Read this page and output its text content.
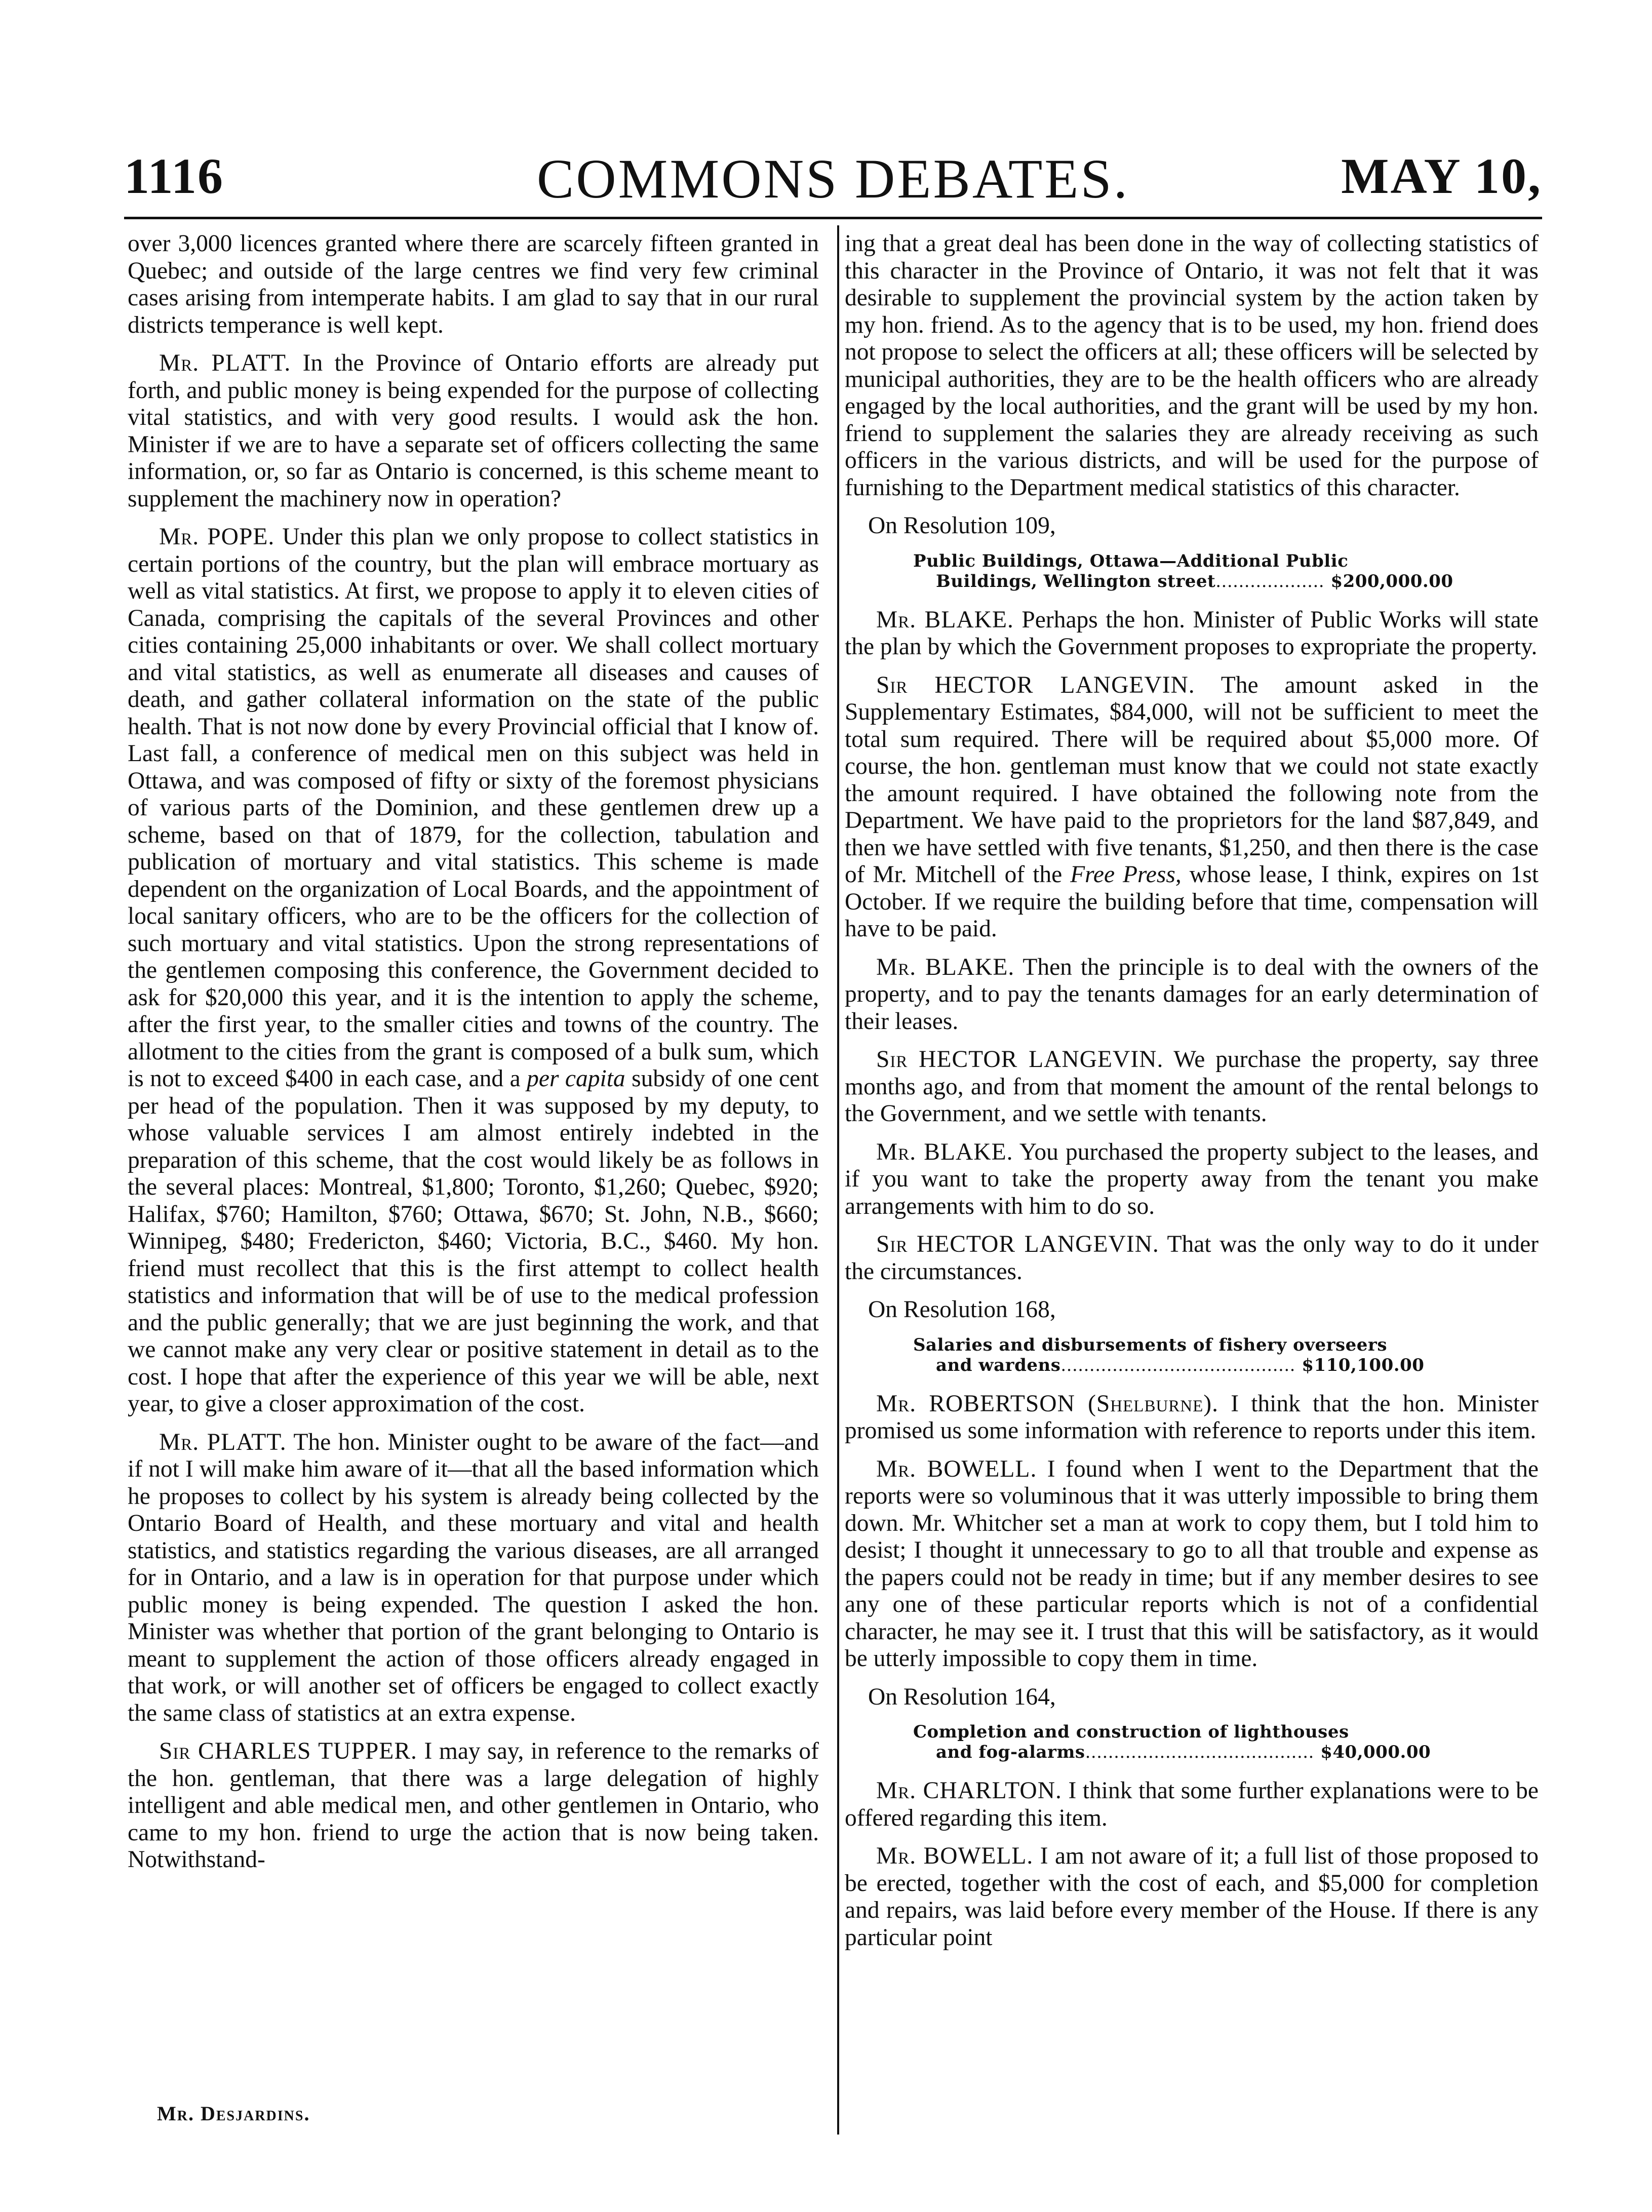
1116	COMMONS DEBATES.	MAY 10,

over 3,000 licences granted where there are scarcely fifteen granted in Quebec; and outside of the large centres we find very few criminal cases arising from intemperate habits. I am glad to say that in our rural districts temperance is well kept.

Mr. PLATT. In the Province of Ontario efforts are already put forth, and public money is being expended for the purpose of collecting vital statistics, and with very good results. I would ask the hon. Minister if we are to have a separate set of officers collecting the same information, or, so far as Ontario is concerned, is this scheme meant to supplement the machinery now in operation?

Mr. POPE. Under this plan we only propose to collect statistics in certain portions of the country, but the plan will embrace mortuary as well as vital statistics. At first, we propose to apply it to eleven cities of Canada, comprising the capitals of the several Provinces and other cities containing 25,000 inhabitants or over. We shall collect mortuary and vital statistics, as well as enumerate all diseases and causes of death, and gather collateral information on the state of the public health. That is not now done by every Provincial official that I know of. Last fall, a conference of medical men on this subject was held in Ottawa, and was composed of fifty or sixty of the foremost physicians of various parts of the Dominion, and these gentlemen drew up a scheme, based on that of 1879, for the collection, tabulation and publication of mortuary and vital statistics. This scheme is made dependent on the organization of Local Boards, and the appointment of local sanitary officers, who are to be the officers for the collection of such mortuary and vital statistics. Upon the strong representations of the gentlemen composing this conference, the Government decided to ask for $20,000 this year, and it is the intention to apply the scheme, after the first year, to the smaller cities and towns of the country. The allotment to the cities from the grant is composed of a bulk sum, which is not to exceed $400 in each case, and a per capita subsidy of one cent per head of the population. Then it was supposed by my deputy, to whose valuable services I am almost entirely indebted in the preparation of this scheme, that the cost would likely be as follows in the several places: Montreal, $1,800; Toronto, $1,260; Quebec, $920; Halifax, $760; Hamilton, $760; Ottawa, $670; St. John, N.B., $660; Winnipeg, $480; Fredericton, $460; Victoria, B.C., $460. My hon. friend must recollect that this is the first attempt to collect health statistics and information that will be of use to the medical profession and the public generally; that we are just beginning the work, and that we cannot make any very clear or positive statement in detail as to the cost. I hope that after the experience of this year we will be able, next year, to give a closer approximation of the cost.

Mr. PLATT. The hon. Minister ought to be aware of the fact—and if not I will make him aware of it—that all the based information which he proposes to collect by his system is already being collected by the Ontario Board of Health, and these mortuary and vital and health statistics, and statistics regarding the various diseases, are all arranged for in Ontario, and a law is in operation for that purpose under which public money is being expended. The question I asked the hon. Minister was whether that portion of the grant belonging to Ontario is meant to supplement the action of those officers already engaged in that work, or will another set of officers be engaged to collect exactly the same class of statistics at an extra expense.

Sir CHARLES TUPPER. I may say, in reference to the remarks of the hon. gentleman, that there was a large delegation of highly intelligent and able medical men, and other gentlemen in Ontario, who came to my hon. friend to urge the action that is now being taken. Notwithstand-

Mr. Desjardins.

ing that a great deal has been done in the way of collecting statistics of this character in the Province of Ontario, it was not felt that it was desirable to supplement the provincial system by the action taken by my hon. friend. As to the agency that is to be used, my hon. friend does not propose to select the officers at all; these officers will be selected by municipal authorities, they are to be the health officers who are already engaged by the local authorities, and the grant will be used by my hon. friend to supplement the salaries they are already receiving as such officers in the various districts, and will be used for the purpose of furnishing to the Department medical statistics of this character.

On Resolution 109,
Public Buildings, Ottawa—Additional Public
Buildings, Wellington street................... $200,000.00

Mr. BLAKE. Perhaps the hon. Minister of Public Works will state the plan by which the Government proposes to expropriate the property.

Sir HECTOR LANGEVIN. The amount asked in the Supplementary Estimates, $84,000, will not be sufficient to meet the total sum required. There will be required about $5,000 more. Of course, the hon. gentleman must know that we could not state exactly the amount required. I have obtained the following note from the Department. We have paid to the proprietors for the land $87,849, and then we have settled with five tenants, $1,250, and then there is the case of Mr. Mitchell of the Free Press, whose lease, I think, expires on 1st October. If we require the building before that time, compensation will have to be paid.

Mr. BLAKE. Then the principle is to deal with the owners of the property, and to pay the tenants damages for an early determination of their leases.

Sir HECTOR LANGEVIN. We purchase the property, say three months ago, and from that moment the amount of the rental belongs to the Government, and we settle with tenants.

Mr. BLAKE. You purchased the property subject to the leases, and if you want to take the property away from the tenant you make arrangements with him to do so.

Sir HECTOR LANGEVIN. That was the only way to do it under the circumstances.

On Resolution 168,
Salaries and disbursements of fishery overseers
and wardens......................................... $110,100.00

Mr. ROBERTSON (Shelburne). I think that the hon. Minister promised us some information with reference to reports under this item.

Mr. BOWELL. I found when I went to the Department that the reports were so voluminous that it was utterly impossible to bring them down. Mr. Whitcher set a man at work to copy them, but I told him to desist; I thought it unnecessary to go to all that trouble and expense as the papers could not be ready in time; but if any member desires to see any one of these particular reports which is not of a confidential character, he may see it. I trust that this will be satisfactory, as it would be utterly impossible to copy them in time.

On Resolution 164,
Completion and construction of lighthouses
and fog-alarms........................................ $40,000.00

Mr. CHARLTON. I think that some further explanations were to be offered regarding this item.

Mr. BOWELL. I am not aware of it; a full list of those proposed to be erected, together with the cost of each, and $5,000 for completion and repairs, was laid before every member of the House. If there is any particular point
